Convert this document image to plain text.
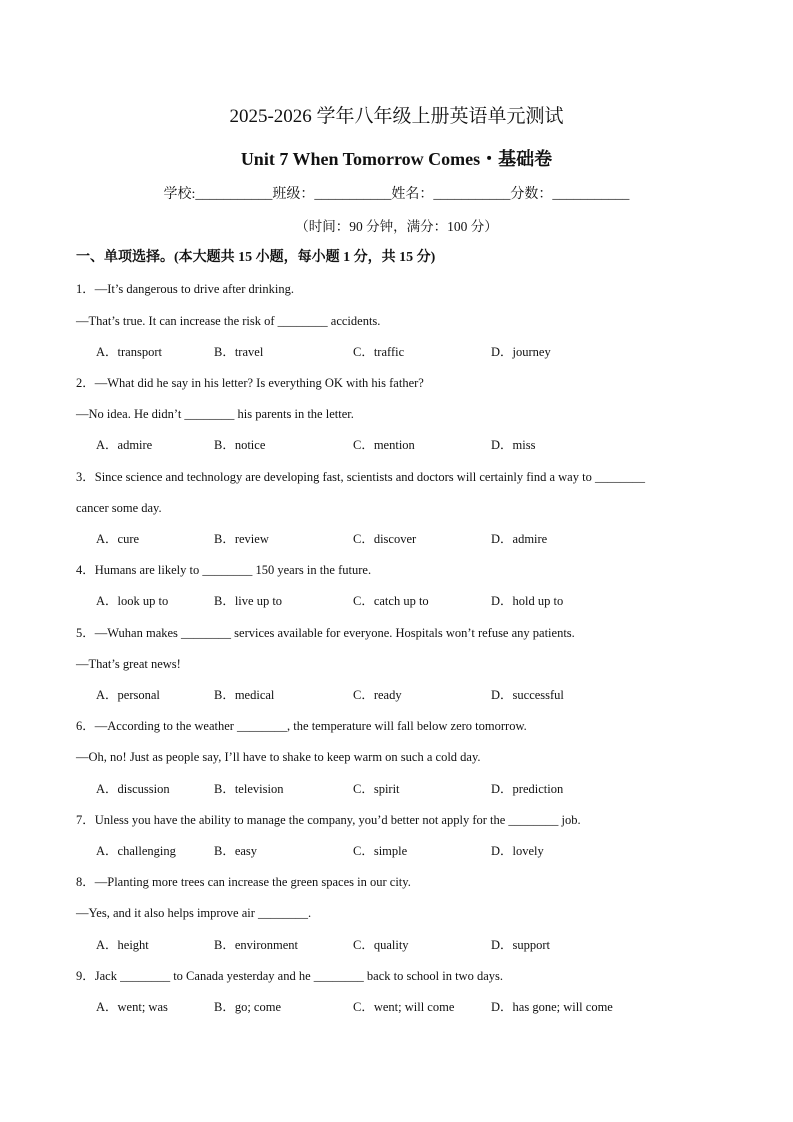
2025-2026 学年八年级上册英语单元测试
Unit 7 When Tomorrow Comes・基础卷
学校:___________班级：___________姓名：___________分数：___________
（时间：90 分钟，满分：100 分）
一、单项选择。(本大题共 15 小题，每小题 1 分，共 15 分)
1．—It’s dangerous to drive after drinking.
—That’s true. It can increase the risk of ________ accidents.
A．transport	B．travel	C．traffic	D．journey
2．—What did he say in his letter? Is everything OK with his father?
—No idea. He didn’t ________ his parents in the letter.
A．admire	B．notice	C．mention	D．miss
3．Since science and technology are developing fast, scientists and doctors will certainly find a way to ________
cancer some day.
A．cure	B．review	C．discover	D．admire
4．Humans are likely to ________ 150 years in the future.
A．look up to	B．live up to	C．catch up to	D．hold up to
5．—Wuhan makes ________ services available for everyone. Hospitals won’t refuse any patients.
—That’s great news!
A．personal	B．medical	C．ready	D．successful
6．—According to the weather ________, the temperature will fall below zero tomorrow.
—Oh, no! Just as people say, I’ll have to shake to keep warm on such a cold day.
A．discussion	B．television	C．spirit	D．prediction
7．Unless you have the ability to manage the company, you’d better not apply for the ________ job.
A．challenging	B．easy	C．simple	D．lovely
8．—Planting more trees can increase the green spaces in our city.
—Yes, and it also helps improve air ________.
A．height	B．environment	C．quality	D．support
9．Jack ________ to Canada yesterday and he ________ back to school in two days.
A．went; was	B．go; come	C．went; will come	D．has gone; will come
